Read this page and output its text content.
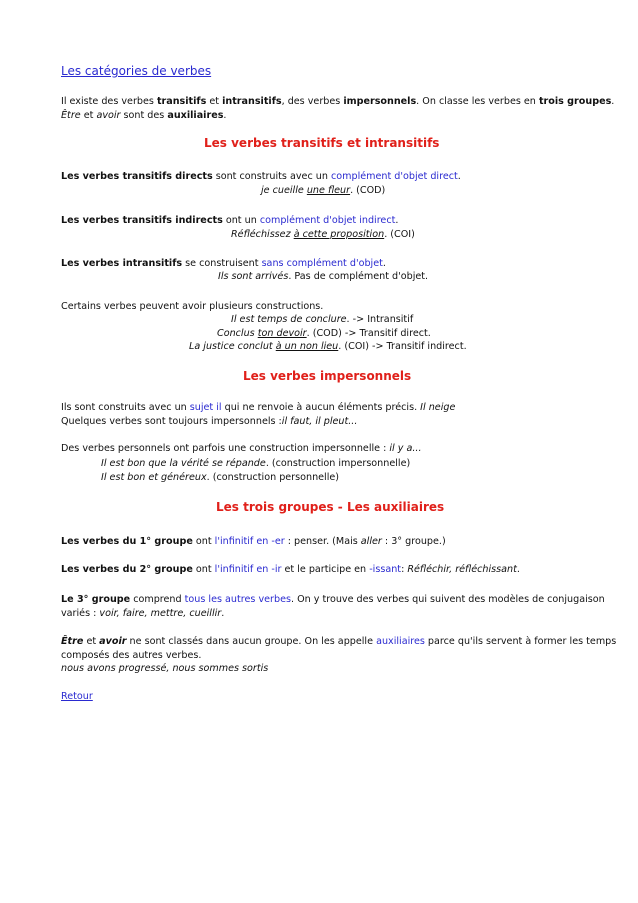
Les catégories de verbes
Il existe des verbes transitifs et intransitifs, des verbes impersonnels. On classe les verbes en trois groupes.
Être et avoir sont des auxiliaires.
Les verbes transitifs et intransitifs
Les verbes transitifs directs sont construits avec un complément d'objet direct.
je cueille une fleur. (COD)
Les verbes transitifs indirects ont un complément d'objet indirect.
Réfléchissez à cette proposition. (COI)
Les verbes intransitifs se construisent sans complément d'objet.
Ils sont arrivés. Pas de complément d'objet.
Certains verbes peuvent avoir plusieurs constructions.
Il est temps de conclure. -> Intransitif
Conclus ton devoir. (COD) -> Transitif direct.
La justice conclut à un non lieu. (COI) -> Transitif indirect.
Les verbes impersonnels
Ils sont construits avec un sujet il qui ne renvoie à aucun éléments précis. Il neige
Quelques verbes sont toujours impersonnels :il faut, il pleut...
Des verbes personnels ont parfois une construction impersonnelle : il y a...
Il est bon que la vérité se répande. (construction impersonnelle)
Il est bon et généreux. (construction personnelle)
Les trois groupes - Les auxiliaires
Les verbes du 1° groupe ont l'infinitif en -er : penser. (Mais aller : 3° groupe.)
Les verbes du 2° groupe ont l'infinitif en -ir et le participe en -issant: Réfléchir, réfléchissant.
Le 3° groupe comprend tous les autres verbes. On y trouve des verbes qui suivent des modèles de conjugaison
variés : voir, faire, mettre, cueillir.
Être et avoir ne sont classés dans aucun groupe. On les appelle auxiliaires parce qu'ils servent à former les temps
composés des autres verbes.
nous avons progressé, nous sommes sortis
Retour
